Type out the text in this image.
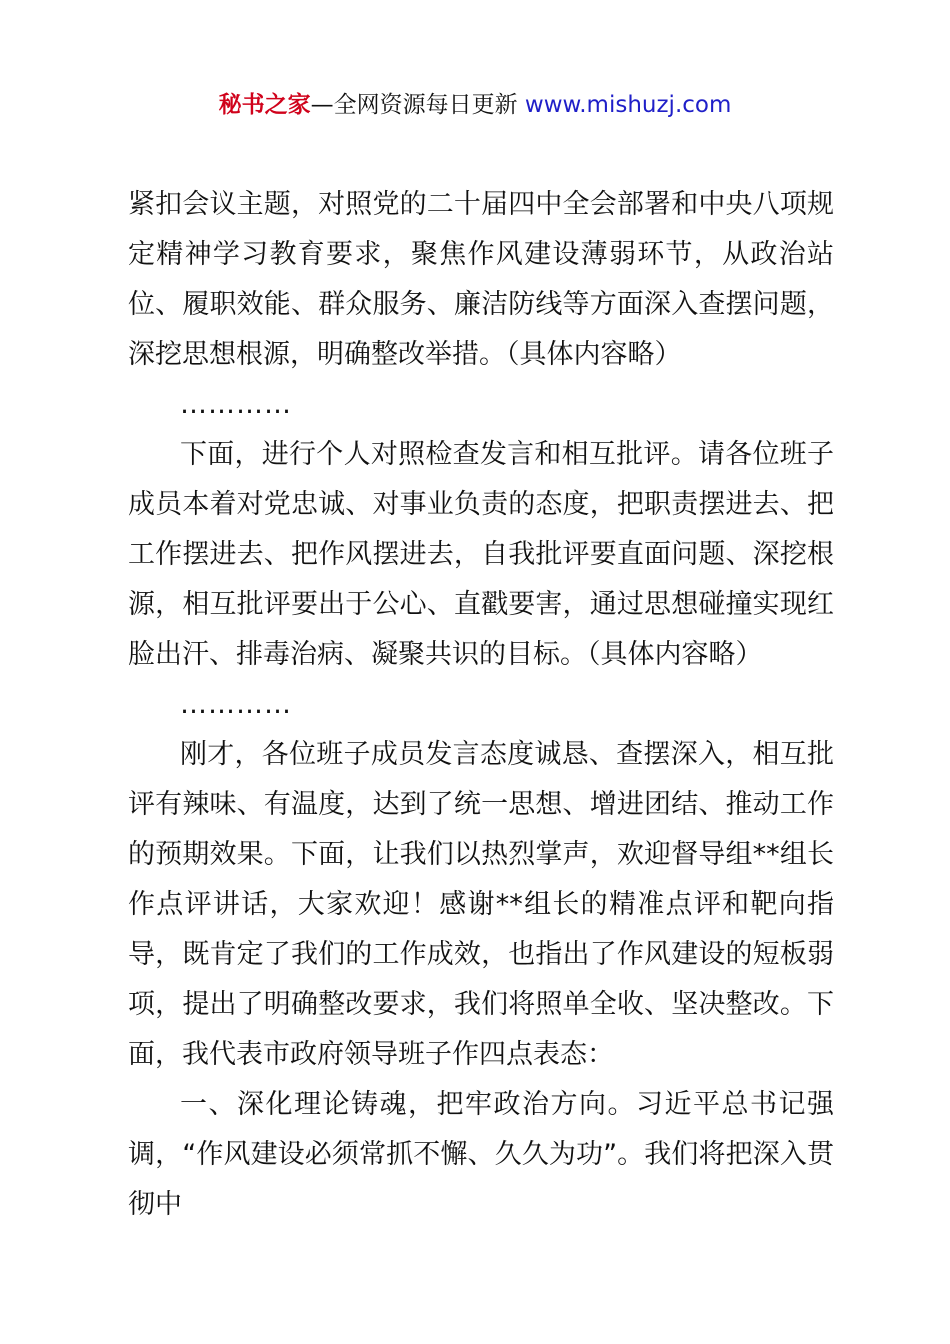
秘书之家—全网资源每日更新 www.mishuzj.com

紧扣会议主题，对照党的二十届四中全会部署和中央八项规定精神学习教育要求，聚焦作风建设薄弱环节，从政治站位、履职效能、群众服务、廉洁防线等方面深入查摆问题，深挖思想根源，明确整改举措。（具体内容略）

…………

下面，进行个人对照检查发言和相互批评。请各位班子成员本着对党忠诚、对事业负责的态度，把职责摆进去、把工作摆进去、把作风摆进去，自我批评要直面问题、深挖根源，相互批评要出于公心、直戳要害，通过思想碰撞实现红脸出汗、排毒治病、凝聚共识的目标。（具体内容略）

…………

刚才，各位班子成员发言态度诚恳、查摆深入，相互批评有辣味、有温度，达到了统一思想、增进团结、推动工作的预期效果。下面，让我们以热烈掌声，欢迎督导组**组长作点评讲话，大家欢迎！感谢**组长的精准点评和靶向指导，既肯定了我们的工作成效，也指出了作风建设的短板弱项，提出了明确整改要求，我们将照单全收、坚决整改。下面，我代表市政府领导班子作四点表态：

一、深化理论铸魂，把牢政治方向。习近平总书记强调，“作风建设必须常抓不懈、久久为功”。我们将把深入贯彻中
